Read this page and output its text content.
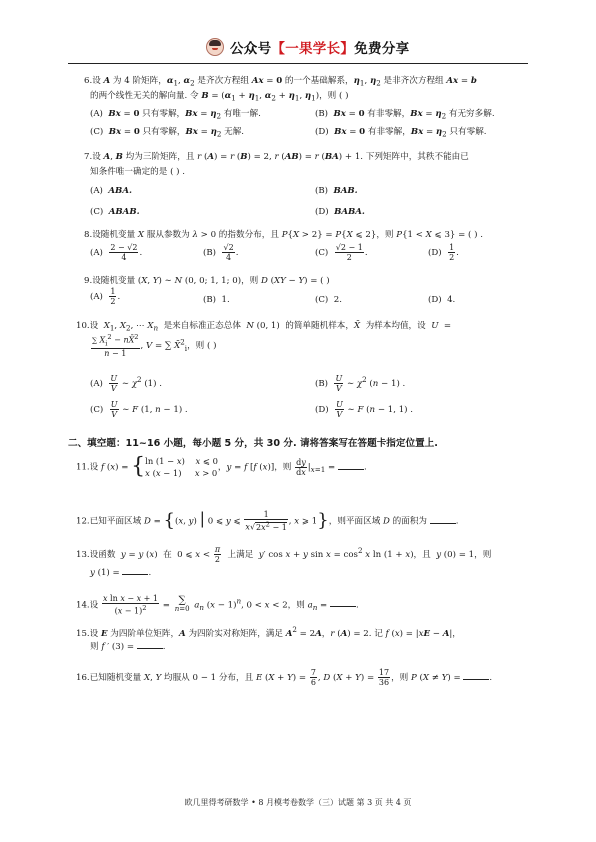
公众号【一果学长】免费分享
6.设 A 为 4 阶矩阵，$\alpha_1$, $\alpha_2$ 是齐次方程组 Ax = 0 的一个基础解系，$\eta_1$, $\eta_2$ 是非齐次方程组 Ax = b
的两个线性无关的解向量. 令 $B = (\alpha_1 + \eta_1$, $\alpha_2 + \eta_1$, $\eta_1$)，则 ( )
(A) Bx = 0 只有零解，$Bx = \eta_2$ 有唯一解.	(B) Bx = 0 有非零解，$Bx = \eta_2$ 有无穷多解.
(C) Bx = 0 只有零解，$Bx = \eta_2$ 无解.	(D) Bx = 0 有非零解，$Bx = \eta_2$ 只有零解.
7.设 A, B 均为三阶矩阵，且 r (A) = r (B) = 2, r (AB) = r (BA) + 1. 下列矩阵中，其秩不能由已
知条件唯一确定的是 ( ) .
(A)  ABA.	(B)  BAB.
(C)  ABAB.	(D)  BABA.
8.设随机变量 X 服从参数为 λ > 0 的指数分布，且 P{X > 2} = P{X ⩽ 2}，则 P{1 < X ⩽ 3} = ( ) .
$(A) \frac{2 - √2}{4}$ .	$(B) \frac{√2}{4}$ .	$(C) \frac{√2 - 1}{2}$ .	$(D) \frac{1}{2}$ .
9.设随机变量 (X, Y) ∼ N (0, 0; 1, 1; 0)，则 D (XY − Y) = ( )
$(A) \frac{1}{2}$ .	(B)  1.	(C)  2.	(D)  4.
10.设  $X_1$, $X_2$, ⋯ $X_n$  是来自标准正态总体  N (0, 1)  的简单随机样本，X̄  为样本均值，设  U  =
$\frac{\sum X_i^2 - nX̄^2}{n - 1}$ , V = ∑ X̄$^2_i$，则 ( )
$(A) \frac{U}{V}$ ∼ $\chi^2$ (1) .	$(B) \frac{U}{V}$ ∼ $\chi^2$ (n − 1) .
$(C) \frac{U}{V}$ ∼ F (1, n − 1) .	$(D) \frac{U}{V}$ ∼ F (n − 1, 1) .
二、填空题：11~16 小题，每小题 5 分，共 30 分. 请将答案写在答题卡指定位置上.
11.设 f (x) = {ln (1 − x)    x ⩽ 0
x (x − 1)     x > 0，y = f [f (x)]，则 $\frac{dy}{dx} |_{x=1}$ =	.
12.已知平面区域 D = {(x, y) | 0 ⩽ y ⩽ $\frac{1}{x√2x^2 - 1}$ , x ⩾ 1}，则平面区域 D 的面积为	.
13.设函数  y = y (x)  在  0 ⩽ $x < \frac{\pi}{2}$ 上满足  y′ cos x + y $\sin x = \cos^2 x$ ln (1 + x)，且  y (0) = 1，则
y (1) =	.
14.设 $\frac{\text{x ln x − x + 1}}{(x - 1)^2}$ = ∑
n=0 $a_n$ $(x - 1)^n$, 0 < x < 2，则 $a_n$ =	.
15.设 E 为四阶单位矩阵，A 为四阶实对称矩阵，满足 $A^2 = 2A$，r (A) = 2. 记 f (x) = |xE − A|，
则 f ′ (3) =	.
16.已知随机变量 X, Y 均服从 0 − 1 分布，且 E $(X + Y) = \frac{7}{6}$ , D $(X + Y) = \frac{17}{36}$ ，则 P (X ≠ Y) =	.
欧几里得考研数学 • 8 月模考卷数学（三）试题 第 3 页 共 4 页
